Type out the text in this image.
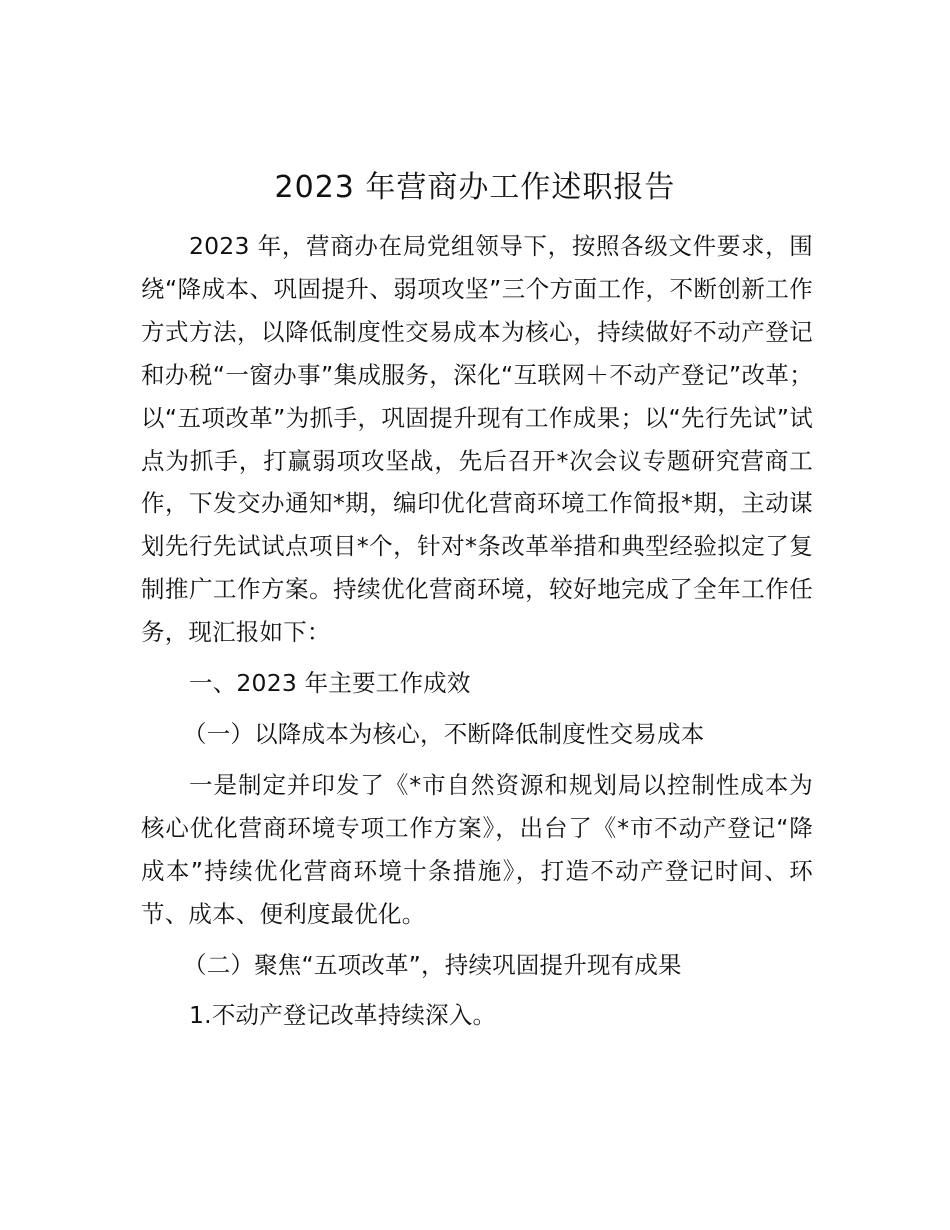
2023 年营商办工作述职报告

2023 年，营商办在局党组领导下，按照各级文件要求，围绕“降成本、巩固提升、弱项攻坚”三个方面工作，不断创新工作方式方法，以降低制度性交易成本为核心，持续做好不动产登记和办税“一窗办事”集成服务，深化“互联网＋不动产登记”改革；以“五项改革”为抓手，巩固提升现有工作成果；以“先行先试”试点为抓手，打赢弱项攻坚战，先后召开*次会议专题研究营商工作，下发交办通知*期，编印优化营商环境工作简报*期，主动谋划先行先试试点项目*个，针对*条改革举措和典型经验拟定了复制推广工作方案。持续优化营商环境，较好地完成了全年工作任务，现汇报如下：

一、2023 年主要工作成效

（一）以降成本为核心，不断降低制度性交易成本

一是制定并印发了《*市自然资源和规划局以控制性成本为核心优化营商环境专项工作方案》，出台了《*市不动产登记“降成本”持续优化营商环境十条措施》，打造不动产登记时间、环节、成本、便利度最优化。

（二）聚焦“五项改革”，持续巩固提升现有成果

1.不动产登记改革持续深入。
